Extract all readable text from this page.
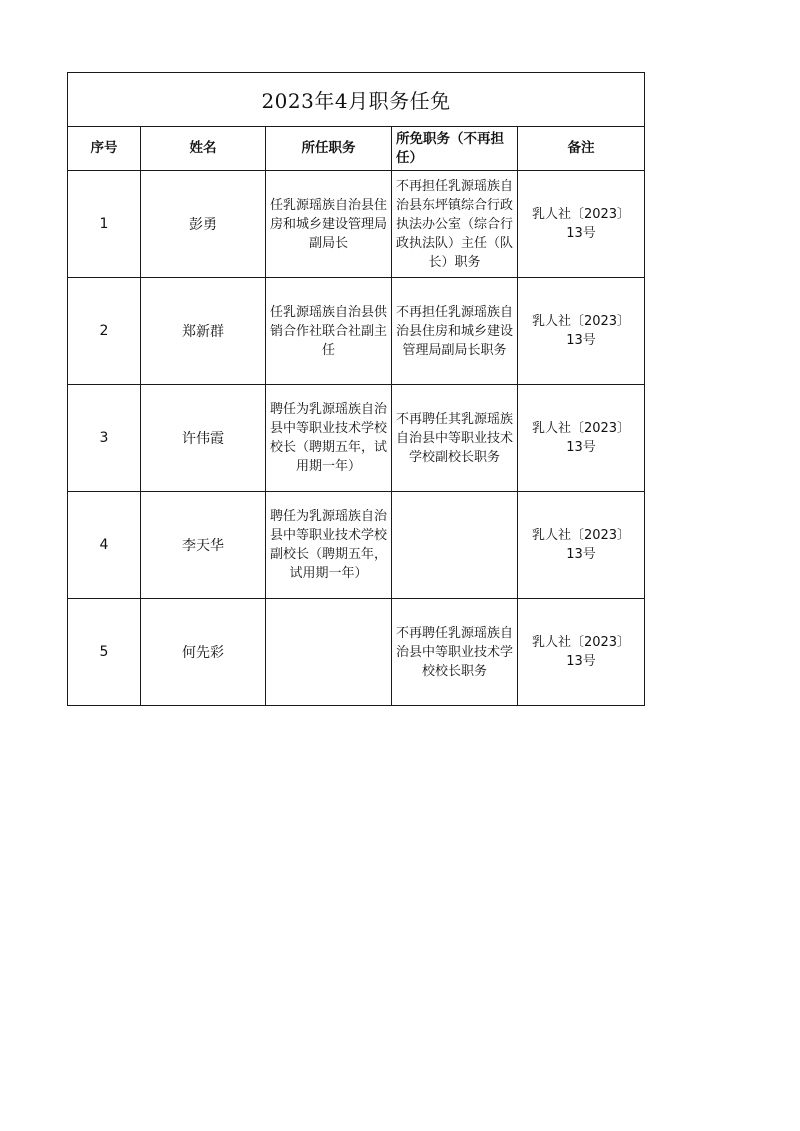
2023年4月职务任免				
序号	姓名	所任职务	所免职务（不再担任）	备注
1	彭勇	任乳源瑶族自治县住房和城乡建设管理局副局长	不再担任乳源瑶族自治县东坪镇综合行政执法办公室（综合行政执法队）主任（队长）职务	乳人社〔2023〕
13号

2	郑新群	任乳源瑶族自治县供销合作社联合社副主任	不再担任乳源瑶族自治县住房和城乡建设管理局副局长职务	乳人社〔2023〕
13号

3	许伟霞	聘任为乳源瑶族自治县中等职业技术学校校长（聘期五年，试用期一年）	不再聘任其乳源瑶族自治县中等职业技术学校副校长职务	乳人社〔2023〕
13号

4	李天华	聘任为乳源瑶族自治县中等职业技术学校副校长（聘期五年，试用期一年）		乳人社〔2023〕
13号

5	何先彩		不再聘任乳源瑶族自治县中等职业技术学校校长职务	乳人社〔2023〕
13号
